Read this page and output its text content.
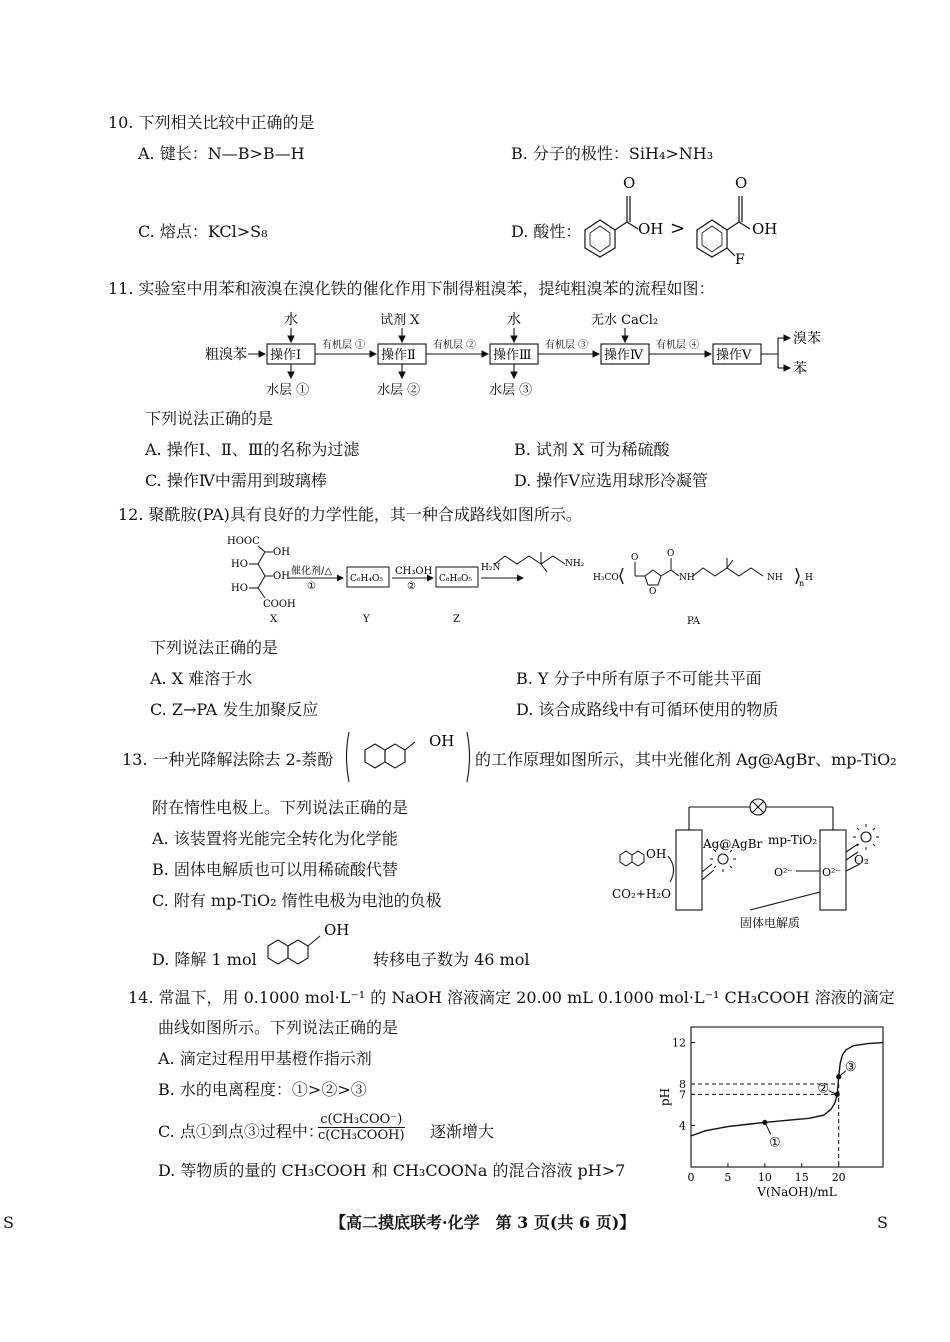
10. 下列相关比较中正确的是
A. 键长：N—B>B—H	B. 分子的极性：SiH₄>NH₃
C. 熔点：KCl>S₈	D. 酸性：
O
OH >
O
OH
F
11. 实验室中用苯和液溴在溴化铁的催化作用下制得粗溴苯，提纯粗溴苯的流程如图：
粗溴苯 操作Ⅰ	操作Ⅱ	操作Ⅲ	操作Ⅳ	操作Ⅴ
水	试剂 X	水	无水 CaCl₂
有机层 ①	有机层 ②	有机层 ③	有机层 ④
水层 ①	水层 ②	水层 ③
溴苯
苯
下列说法正确的是
A. 操作Ⅰ、Ⅱ、Ⅲ的名称为过滤	B. 试剂 X 可为稀硫酸
C. 操作Ⅳ中需用到玻璃棒	D. 操作Ⅴ应选用球形冷凝管
12. 聚酰胺(PA)具有良好的力学性能，其一种合成路线如图所示。
HOOC
OH
HO
OH
HO
COOH
催化剂/△
①
C₆H₄O₅
CH₃OH
②
C₈H₈O₅
H₂N	NH₂
H₃CO
O
O
O
NH	NH
n
H
X	Y	Z	PA
下列说法正确的是
A. X 难溶于水	B. Y 分子中所有原子不可能共平面
C. Z→PA 发生加聚反应	D. 该合成路线中有可循环使用的物质
13. 一种光降解法除去 2-萘酚
OH
的工作原理如图所示，其中光催化剂 Ag@AgBr、mp-TiO₂
附在惰性电极上。下列说法正确的是
A. 该装置将光能完全转化为化学能
B. 固体电解质也可以用稀硫酸代替
C. 附有 mp-TiO₂ 惰性电极为电池的负极
D. 降解 1 mol
OH
转移电子数为 46 mol
OH
CO₂+H₂O
Ag@AgBr mp-TiO₂
O₂
O²⁻	O²⁻
固体电解质
14. 常温下，用 0.1000 mol·L⁻¹ 的 NaOH 溶液滴定 20.00 mL 0.1000 mol·L⁻¹ CH₃COOH 溶液的滴定
曲线如图所示。下列说法正确的是
A. 滴定过程用甲基橙作指示剂
B. 水的电离程度：①>②>③
C. 点①到点③过程中：
c(CH₃COO⁻)
c(CH₃COOH) 逐渐增大
D. 等物质的量的 CH₃COOH 和 CH₃COONa 的混合溶液 pH>7
①
②
③
0	5 10 15 20
4
7
8
12
pH
V(NaOH)/mL
S	【高二摸底联考·化学　第 3 页(共 6 页)】	S
